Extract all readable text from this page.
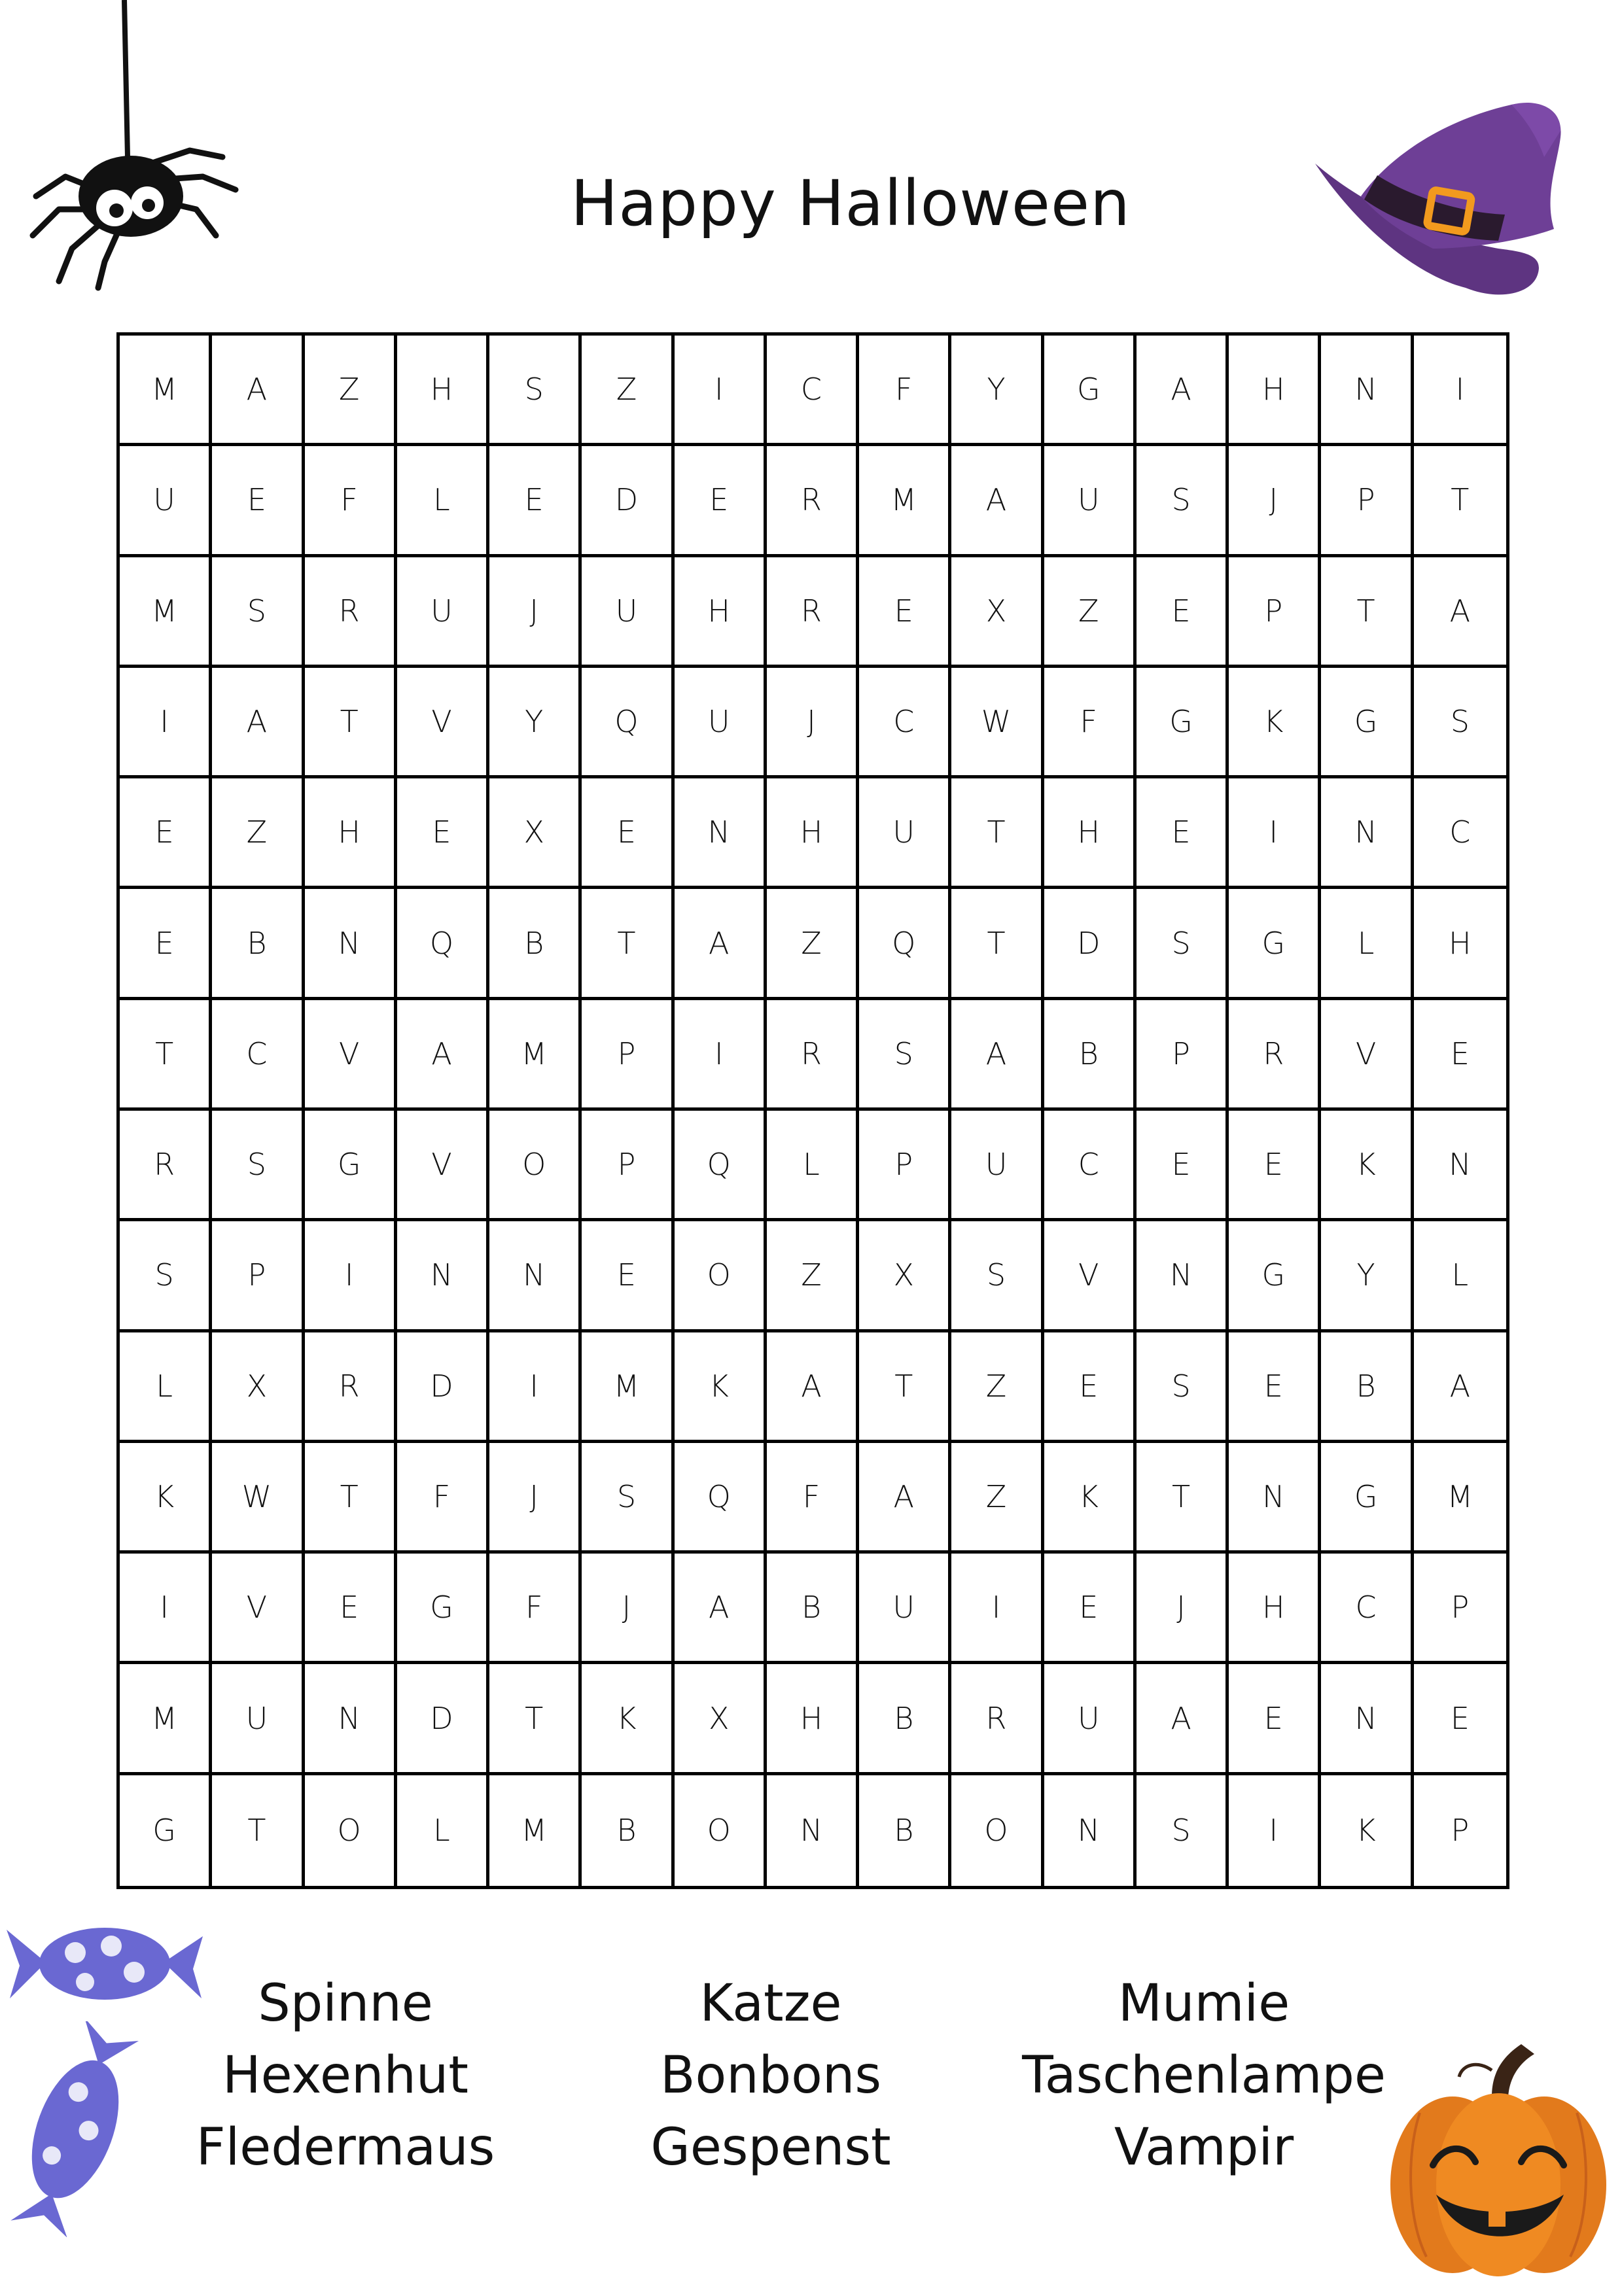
Happy Halloween
M	A	Z	H	S	Z	I	C	F	Y	G	A	H	N	I
U	E	F	L	E	D	E	R	M	A	U	S	J	P	T
M	S	R	U	J	U	H	R	E	X	Z	E	P	T	A
I	A	T	V	Y	Q	U	J	C	W	F	G	K	G	S
E	Z	H	E	X	E	N	H	U	T	H	E	I	N	C
E	B	N	Q	B	T	A	Z	Q	T	D	S	G	L	H
T	C	V	A	M	P	I	R	S	A	B	P	R	V	E
R	S	G	V	O	P	Q	L	P	U	C	E	E	K	N
S	P	I	N	N	E	O	Z	X	S	V	N	G	Y	L
L	X	R	D	I	M	K	A	T	Z	E	S	E	B	A
K	W	T	F	J	S	Q	F	A	Z	K	T	N	G	M
I	V	E	G	F	J	A	B	U	I	E	J	H	C	P
M	U	N	D	T	K	X	H	B	R	U	A	E	N	E
G	T	O	L	M	B	O	N	B	O	N	S	I	K	P
Spinne
Hexenhut
Fledermaus
Katze
Bonbons
Gespenst
Mumie
Taschenlampe
Vampir
